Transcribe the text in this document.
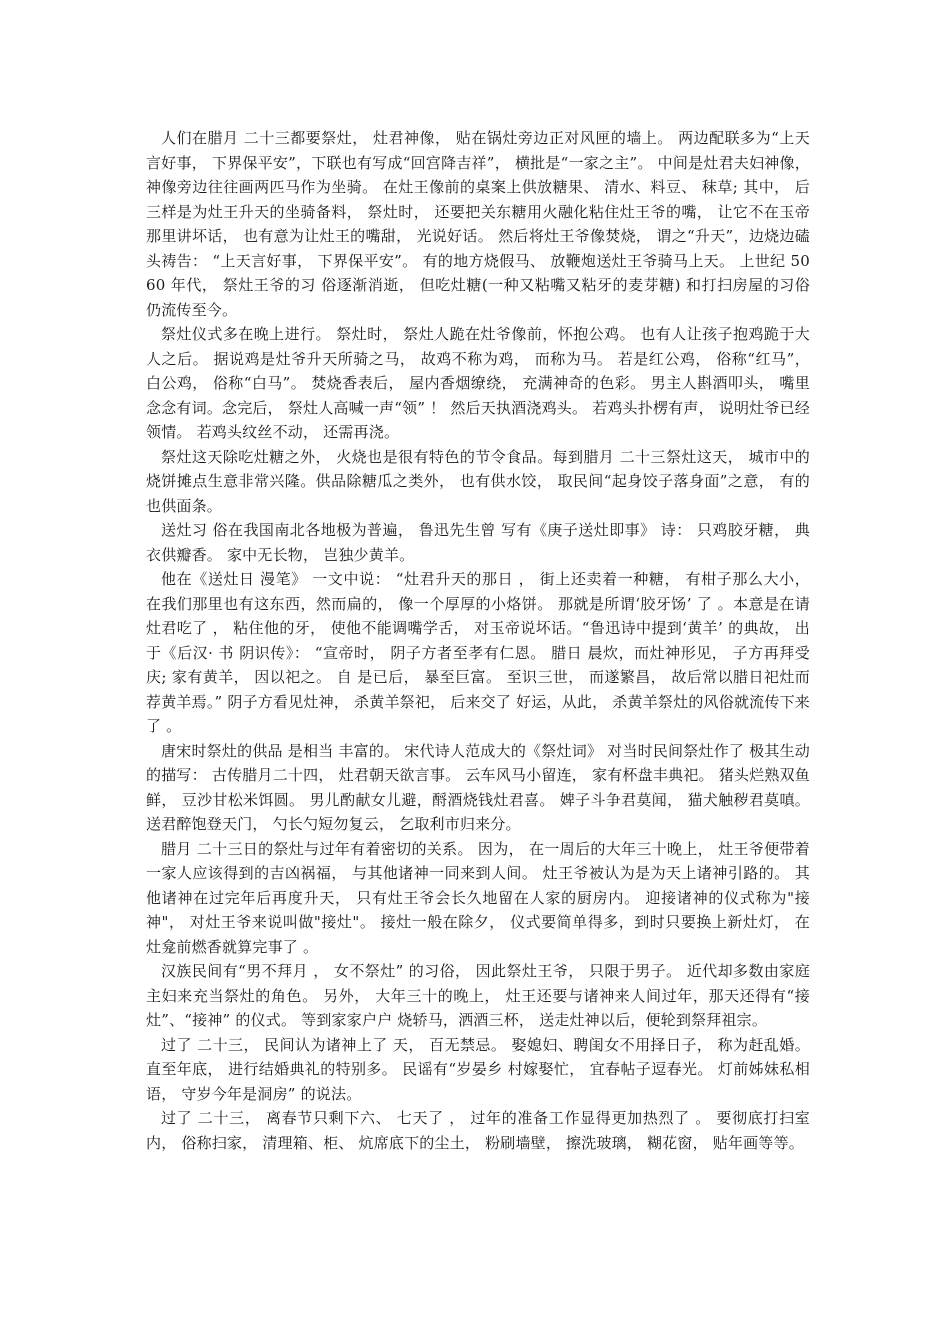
人们在腊月 二十三都要祭灶， 灶君神像， 贴在锅灶旁边正对风匣的墙上。 两边配联多为“上天言好事， 下界保平安”，下联也有写成“回宫降吉祥”， 横批是“一家之主”。 中间是灶君夫妇神像， 神像旁边往往画两匹马作为坐骑。 在灶王像前的桌案上供放糖果、 清水、料豆、 秣草; 其中， 后三样是为灶王升天的坐骑备料， 祭灶时， 还要把关东糖用火融化粘住灶王爷的嘴， 让它不在玉帝那里讲坏话， 也有意为让灶王的嘴甜， 光说好话。 然后将灶王爷像焚烧， 谓之“升天”，边烧边磕头祷告： “上天言好事， 下界保平安”。 有的地方烧假马、 放鞭炮送灶王爷骑马上天。 上世纪 5060 年代， 祭灶王爷的习 俗逐渐消逝， 但吃灶糖(一种又粘嘴又粘牙的麦芽糖) 和打扫房屋的习俗仍流传至今。

祭灶仪式多在晚上进行。 祭灶时， 祭灶人跪在灶爷像前，怀抱公鸡。 也有人让孩子抱鸡跪于大人之后。 据说鸡是灶爷升天所骑之马， 故鸡不称为鸡， 而称为马。 若是红公鸡， 俗称“红马”， 白公鸡， 俗称“白马”。 焚烧香表后， 屋内香烟缭绕， 充满神奇的色彩。 男主人斟酒叩头， 嘴里念念有词。念完后， 祭灶人高喊一声“领” ！ 然后天执酒浇鸡头。 若鸡头扑楞有声， 说明灶爷已经领情。 若鸡头纹丝不动， 还需再浇。

祭灶这天除吃灶糖之外， 火烧也是很有特色的节令食品。每到腊月 二十三祭灶这天， 城市中的烧饼摊点生意非常兴隆。供品除糖瓜之类外， 也有供水饺， 取民间“起身饺子落身面”之意， 有的也供面条。

送灶习 俗在我国南北各地极为普遍， 鲁迅先生曾 写有《庚子送灶即事》 诗： 只鸡胶牙糖， 典衣供瓣香。 家中无长物， 岂独少黄羊。

他在《送灶日 漫笔》 一文中说： “灶君升天的那日 ， 街上还卖着一种糖， 有柑子那么大小， 在我们那里也有这东西，然而扁的， 像一个厚厚的小烙饼。 那就是所谓‘胶牙饧’ 了 。本意是在请灶君吃了 ， 粘住他的牙， 使他不能调嘴学舌， 对玉帝说坏话。“鲁迅诗中提到‘黄羊’ 的典故， 出于《后汉· 书 阴识传》： “宣帝时， 阴子方者至孝有仁恩。 腊日 晨炊，而灶神形见， 子方再拜受庆; 家有黄羊， 因以祀之。 自 是已后， 暴至巨富。 至识三世， 而遂繁昌， 故后常以腊日祀灶而荐黄羊焉。” 阴子方看见灶神， 杀黄羊祭祀， 后来交了 好运，从此， 杀黄羊祭灶的风俗就流传下来了 。

唐宋时祭灶的供品 是相当 丰富的。 宋代诗人范成大的《祭灶词》 对当时民间祭灶作了 极其生动的描写： 古传腊月二十四， 灶君朝天欲言事。 云车风马小留连， 家有杯盘丰典祀。 猪头烂熟双鱼鲜， 豆沙甘松米饵圆。 男儿酌献女儿避，酹酒烧钱灶君喜。 婢子斗争君莫闻， 猫犬触秽君莫嗔。 送君醉饱登天门， 勺长勺短勿复云， 乞取利市归来分。

腊月 二十三日的祭灶与过年有着密切的关系。 因为， 在一周后的大年三十晚上， 灶王爷便带着一家人应该得到的吉凶祸福， 与其他诸神一同来到人间。 灶王爷被认为是为天上诸神引路的。 其他诸神在过完年后再度升天， 只有灶王爷会长久地留在人家的厨房内。 迎接诸神的仪式称为"接神"， 对灶王爷来说叫做"接灶"。 接灶一般在除夕， 仪式要简单得多，到时只要换上新灶灯， 在灶龛前燃香就算完事了 。

汉族民间有“男不拜月 ， 女不祭灶” 的习俗， 因此祭灶王爷， 只限于男子。 近代却多数由家庭主妇来充当祭灶的角色。 另外， 大年三十的晚上， 灶王还要与诸神来人间过年，那天还得有“接灶”、“接神” 的仪式。 等到家家户户 烧轿马，洒酒三杯， 送走灶神以后，便轮到祭拜祖宗。

过了 二十三， 民间认为诸神上了 天， 百无禁忌。 娶媳妇、聘闺女不用择日子， 称为赶乱婚。 直至年底， 进行结婚典礼的特别多。 民谣有“岁晏乡 村嫁娶忙， 宜春帖子逗春光。 灯前姊妹私相语， 守岁今年是洞房” 的说法。

过了 二十三， 离春节只剩下六、 七天了 ， 过年的准备工作显得更加热烈了 。 要彻底打扫室内， 俗称扫家， 清理箱、柜、 炕席底下的尘土， 粉刷墙壁， 擦洗玻璃， 糊花窗， 贴年画等等。
